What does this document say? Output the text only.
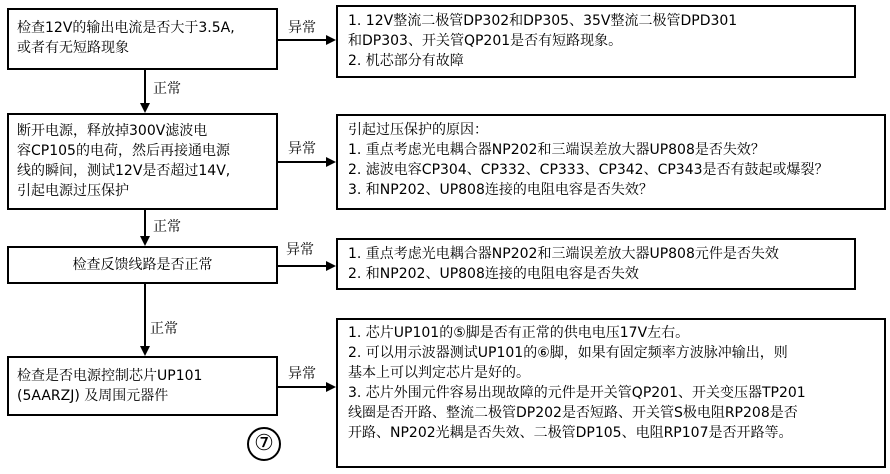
检查12V的输出电流是否大于3.5A,
或者有无短路现象
断开电源，释放掉300V滤波电
容CP105的电荷，然后再接通电源
线的瞬间，测试12V是否超过14V,
引起电源过压保护
检查反馈线路是否正常
检查是否电源控制芯片UP101
(5AARZJ) 及周围元器件
1. 12V整流二极管DP302和DP305、35V整流二极管DPD301
和DP303、开关管QP201是否有短路现象。
2. 机芯部分有故障
引起过压保护的原因：
1. 重点考虑光电耦合器NP202和三端误差放大器UP808是否失效？
2. 滤波电容CP304、CP332、CP333、CP342、CP343是否有鼓起或爆裂？
3. 和NP202、UP808连接的电阻电容是否失效？
1. 重点考虑光电耦合器NP202和三端误差放大器UP808元件是否失效
2. 和NP202、UP808连接的电阻电容是否失效
1. 芯片UP101的⑤脚是否有正常的供电电压17V左右。
2. 可以用示波器测试UP101的⑥脚，如果有固定频率方波脉冲输出，则
基本上可以判定芯片是好的。
3. 芯片外围元件容易出现故障的元件是开关管QP201、开关变压器TP201
线圈是否开路、整流二极管DP202是否短路、开关管S极电阻RP208是否
开路、NP202光耦是否失效、二极管DP105、电阻RP107是否开路等。
异常
异常
异常
异常
正常
正常
正常
⑦
